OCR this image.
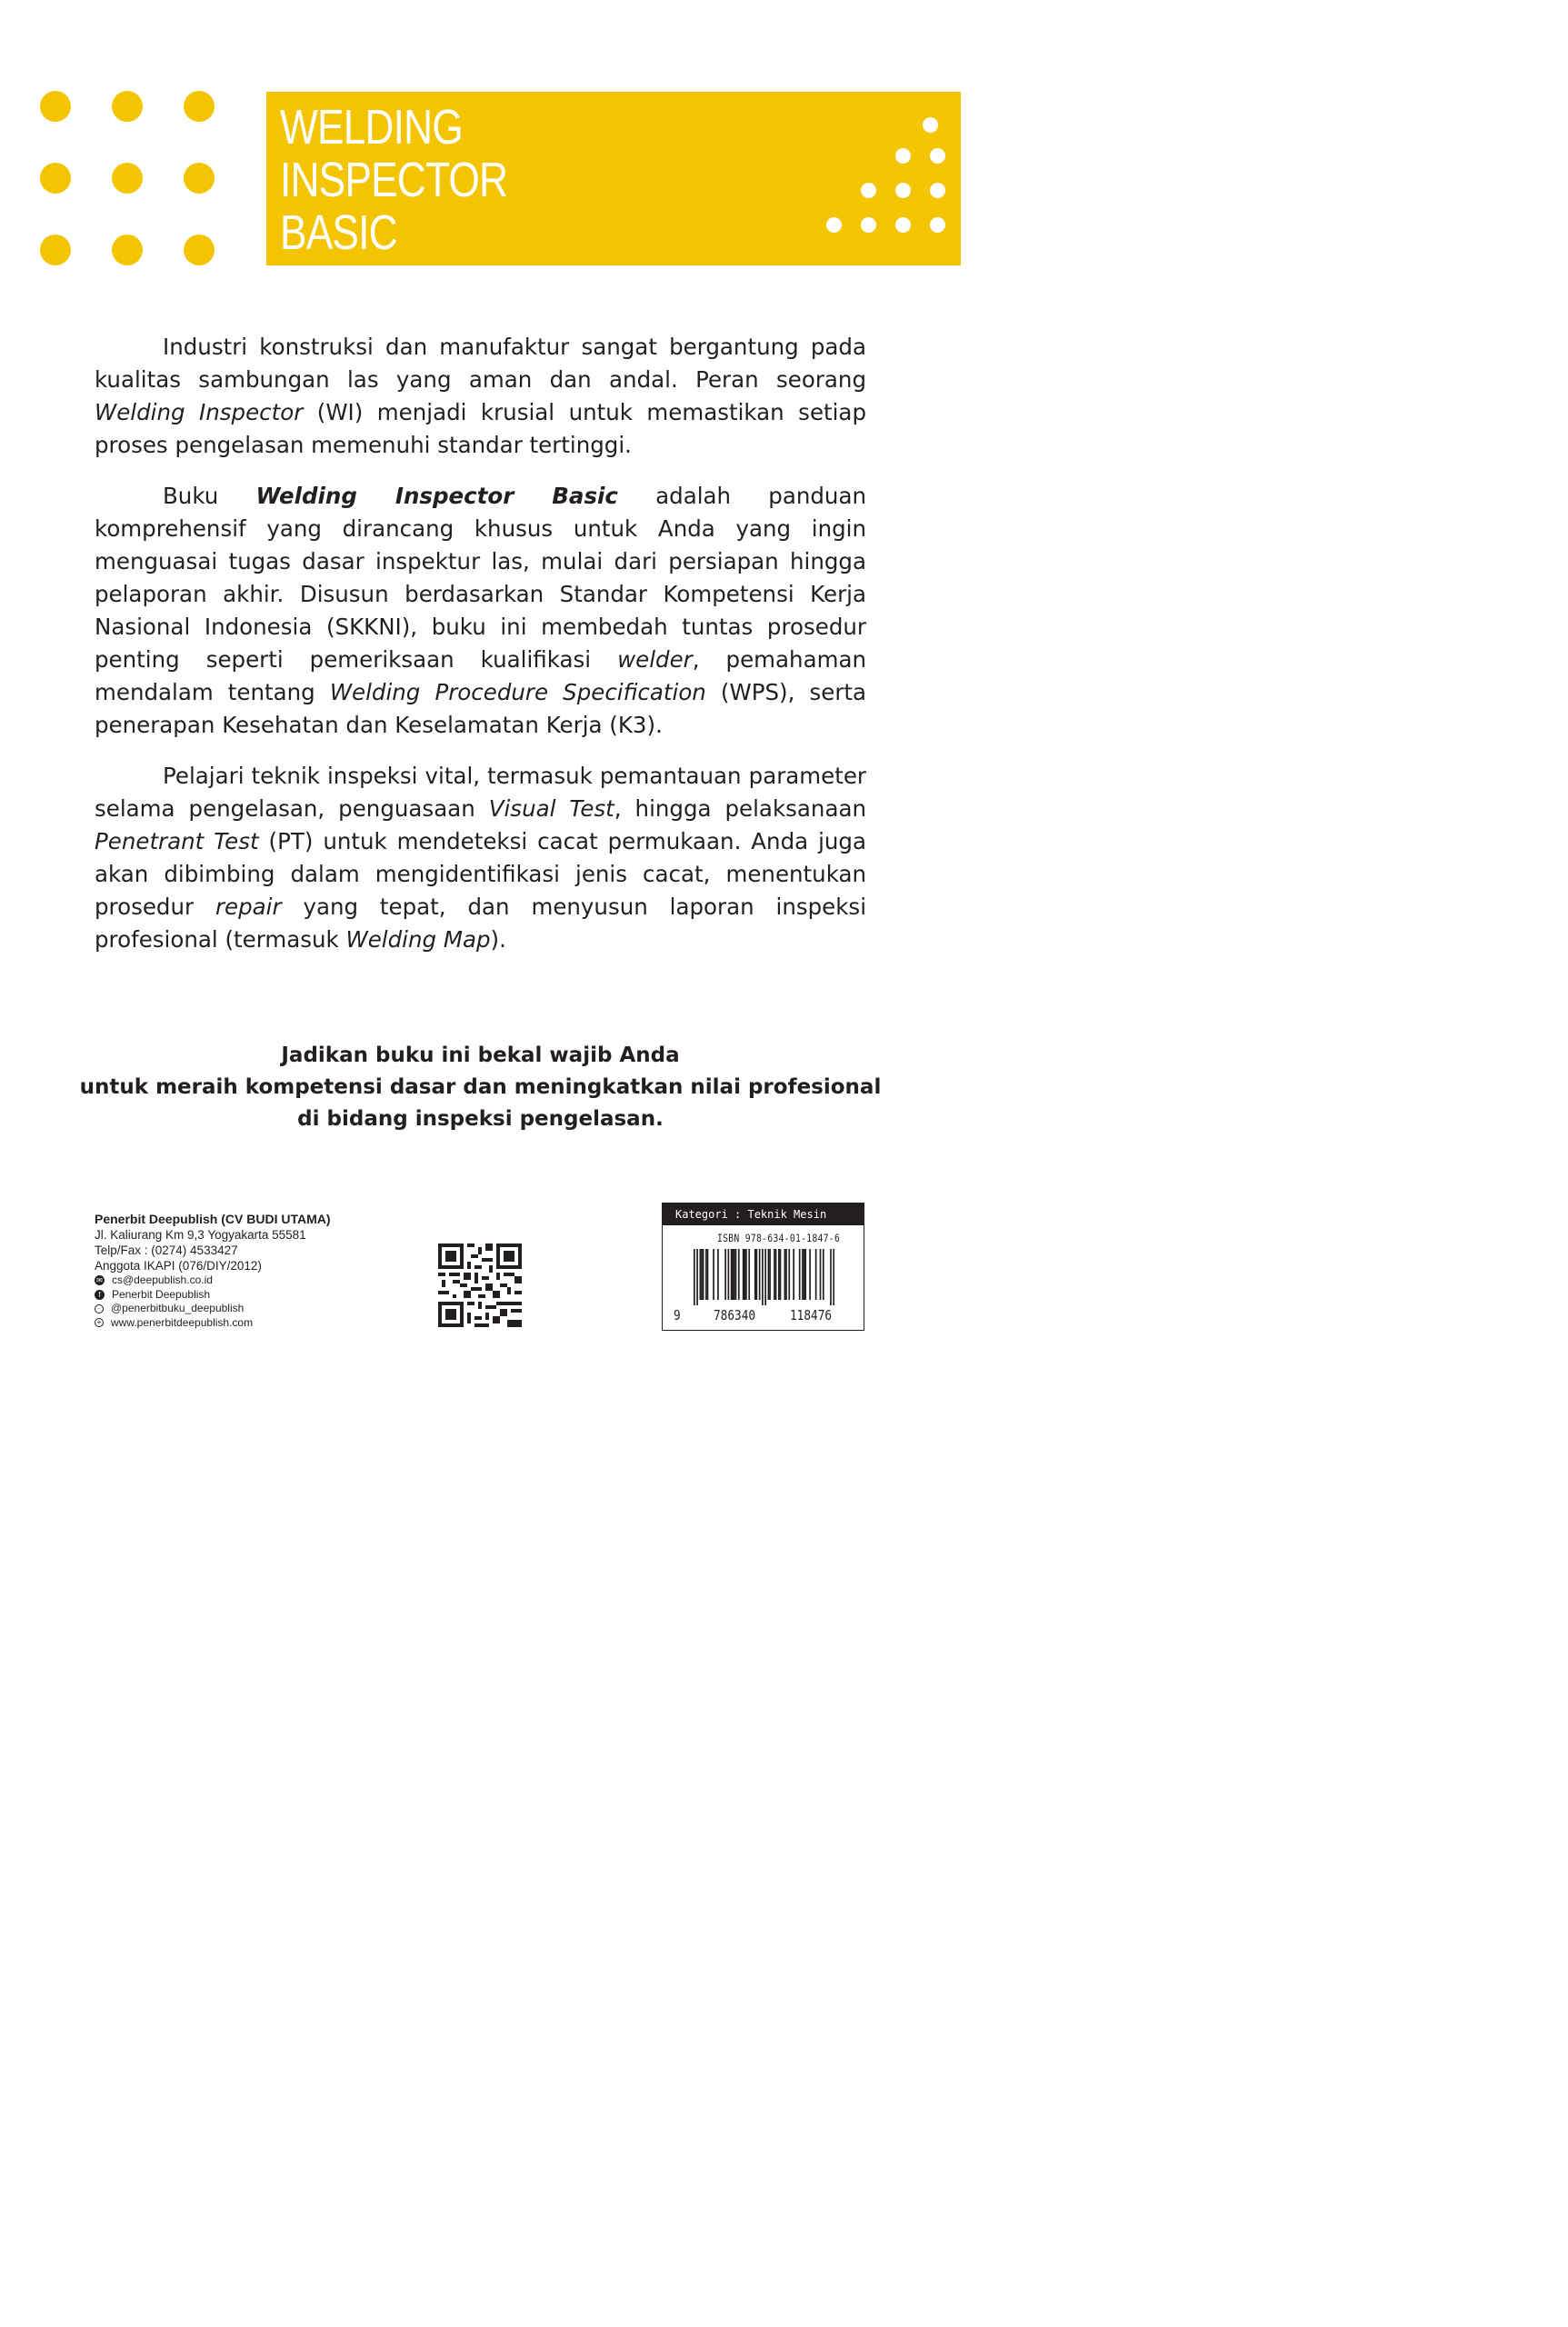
WELDING
INSPECTOR
BASIC

Industri konstruksi dan manufaktur sangat bergantung pada kualitas sambungan las yang aman dan andal. Peran seorang Welding Inspector (WI) menjadi krusial untuk memastikan setiap proses pengelasan memenuhi standar tertinggi.

Buku Welding Inspector Basic adalah panduan komprehensif yang dirancang khusus untuk Anda yang ingin menguasai tugas dasar inspektur las, mulai dari persiapan hingga pelaporan akhir. Disusun berdasarkan Standar Kompetensi Kerja Nasional Indonesia (SKKNI), buku ini membedah tuntas prosedur penting seperti pemeriksaan kualifikasi welder, pemahaman mendalam tentang Welding Procedure Specification (WPS), serta penerapan Kesehatan dan Keselamatan Kerja (K3).

Pelajari teknik inspeksi vital, termasuk pemantauan parameter selama pengelasan, penguasaan Visual Test, hingga pelaksanaan Penetrant Test (PT) untuk mendeteksi cacat permukaan. Anda juga akan dibimbing dalam mengidentifikasi jenis cacat, menentukan prosedur repair yang tepat, dan menyusun laporan inspeksi profesional (termasuk Welding Map).

Jadikan buku ini bekal wajib Anda
untuk meraih kompetensi dasar dan meningkatkan nilai profesional
di bidang inspeksi pengelasan.
Penerbit Deepublish (CV BUDI UTAMA)
Jl. Kaliurang Km 9,3 Yogyakarta 55581
Telp/Fax : (0274) 4533427
Anggota IKAPI (076/DIY/2012)
✉ cs@deepublish.co.id
f	Penerbit Deepublish
· @penerbitbuku_deepublish
+ www.penerbitdeepublish.com
Kategori : Teknik Mesin
ISBN 978-634-01-1847-6
9 786340	118476
